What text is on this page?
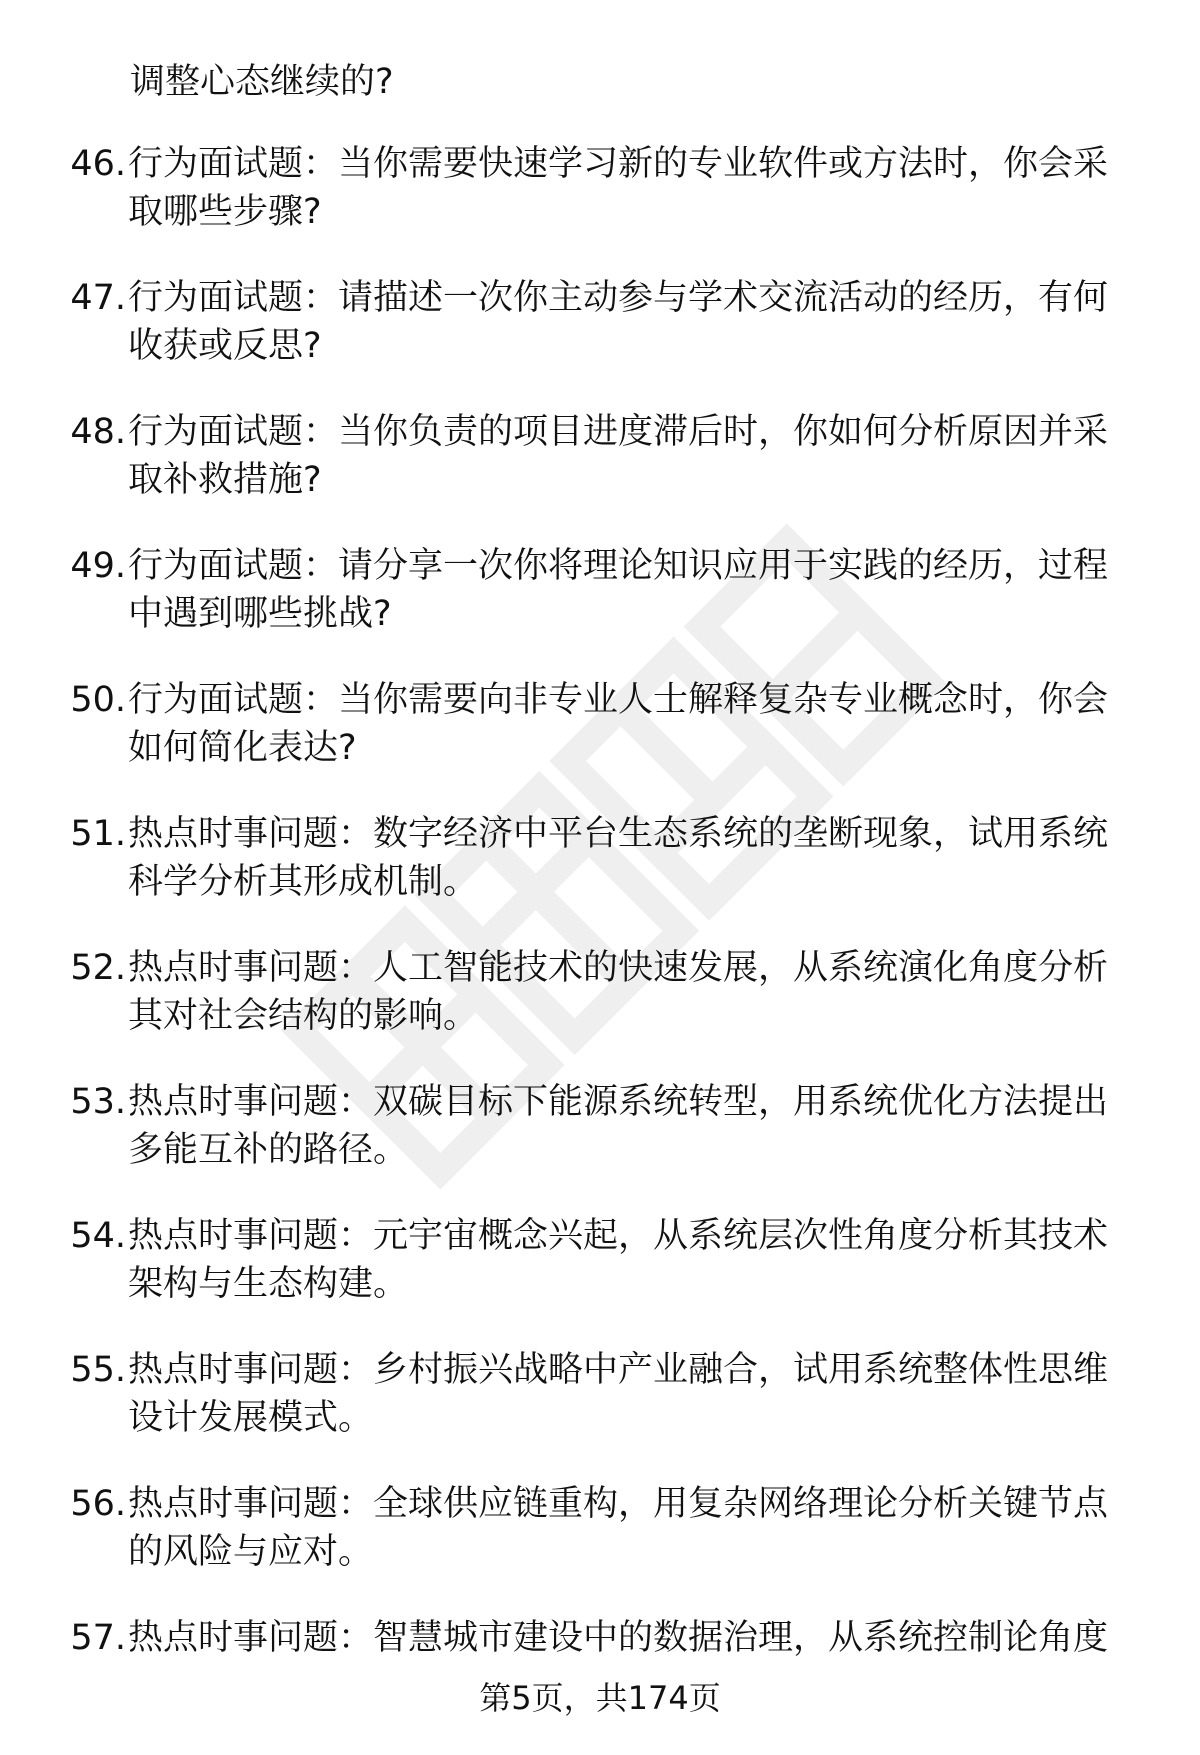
调整心态继续的?
46. 行为面试题：当你需要快速学习新的专业软件或方法时，你会采取哪些步骤?
47. 行为面试题：请描述一次你主动参与学术交流活动的经历，有何收获或反思?
48. 行为面试题：当你负责的项目进度滞后时，你如何分析原因并采取补救措施?
49. 行为面试题：请分享一次你将理论知识应用于实践的经历，过程中遇到哪些挑战?
50. 行为面试题：当你需要向非专业人士解释复杂专业概念时，你会如何简化表达?
51. 热点时事问题：数字经济中平台生态系统的垄断现象，试用系统科学分析其形成机制。
52. 热点时事问题：人工智能技术的快速发展，从系统演化角度分析其对社会结构的影响。
53. 热点时事问题：双碳目标下能源系统转型，用系统优化方法提出多能互补的路径。
54. 热点时事问题：元宇宙概念兴起，从系统层次性角度分析其技术架构与生态构建。
55. 热点时事问题：乡村振兴战略中产业融合，试用系统整体性思维设计发展模式。
56. 热点时事问题：全球供应链重构，用复杂网络理论分析关键节点的风险与应对。
57. 热点时事问题：智慧城市建设中的数据治理，从系统控制论角度
第5页，共174页
